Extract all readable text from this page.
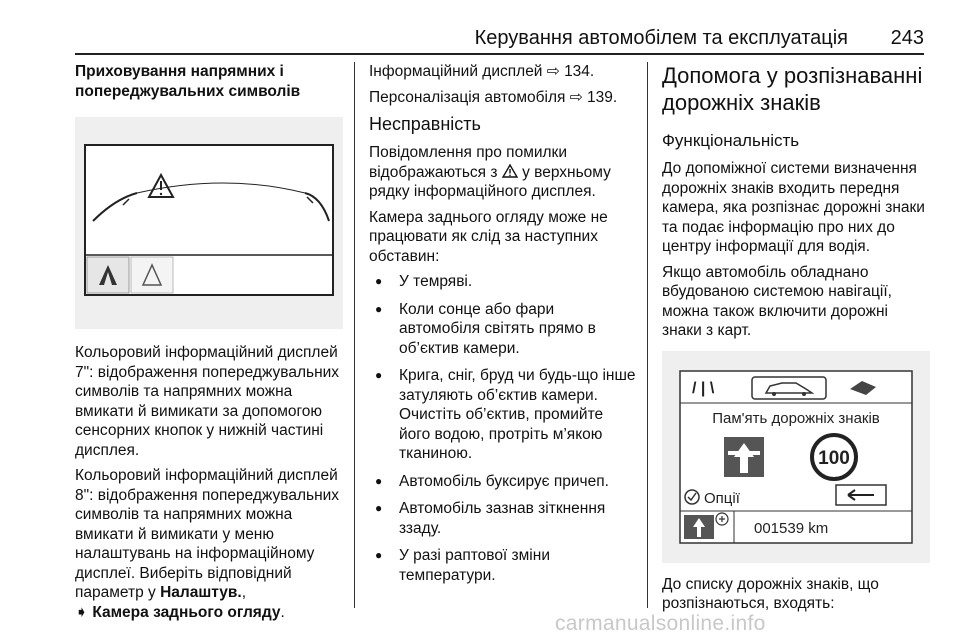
Керування автомобілем та експлуатація 243
Приховування напрямних і попереджувальних символів

Кольоровий інформаційний дисплей 7": відображення попереджувальних символів та напрямних можна вмикати й вимикати за допомогою сенсорних кнопок у нижній частині дисплея.

Кольоровий інформаційний дисплей 8": відображення попереджувальних символів та напрямних можна вмикати й вимикати у меню налаштувань на інформаційному дисплеї. Виберіть відповідний параметр у Налаштув.,
➧ Камера заднього огляду.

Інформаційний дисплей ⇨ 134.

Персоналізація автомобіля ⇨ 139.

Несправність

Повідомлення про помилки відображаються з  у верхньому рядку інформаційного дисплея.

Камера заднього огляду може не працювати як слід за наступних обставин:

● У темряві.
● Коли сонце або фари автомобіля світять прямо в об’єктив камери.
● Крига, сніг, бруд чи будь-що інше затуляють об’єктив камери. Очистіть об’єктив, промийте його водою, протріть м’якою тканиною.
● Автомобіль буксирує причеп.
● Автомобіль зазнав зіткнення ззаду.
● У разі раптової зміни температури.
Допомога у розпізнаванні дорожніх знаків
Функціональність

До допоміжної системи визначення дорожніх знаків входить передня камера, яка розпізнає дорожні знаки та подає інформацію про них до центру інформації для водія.

Якщо автомобіль обладнано вбудованою системою навігації, можна також включити дорожні знаки з карт.

/ | \
Пам'ять дорожніх знаків
100
Опції
001539 km

До списку дорожніх знаків, що розпізнаються, входять:

carmanualsonline.info
